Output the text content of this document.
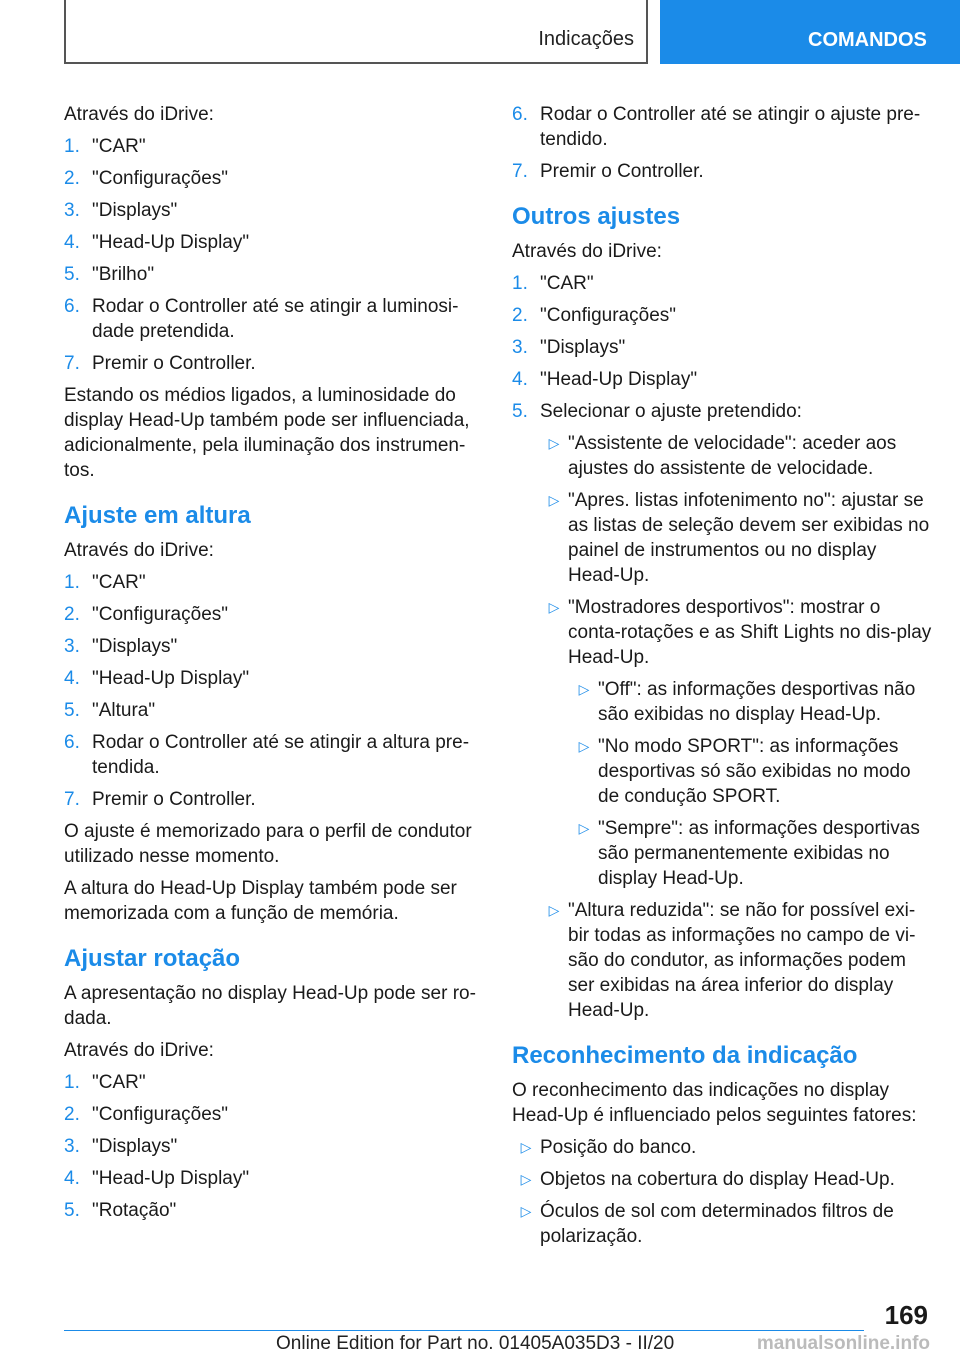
Indicações	COMANDOS

Através do iDrive:

1. "CAR"
2. "Configurações"
3. "Displays"
4. "Head-Up Display"
5. "Brilho"
6. Rodar o Controller até se atingir a luminosi-dade pretendida.
7. Premir o Controller.

Estando os médios ligados, a luminosidade do display Head-Up também pode ser influenciada, adicionalmente, pela iluminação dos instrumen-tos.

Ajuste em altura

Através do iDrive:

1. "CAR"
2. "Configurações"
3. "Displays"
4. "Head-Up Display"
5. "Altura"
6. Rodar o Controller até se atingir a altura pre-tendida.
7. Premir o Controller.

O ajuste é memorizado para o perfil de condutor utilizado nesse momento.

A altura do Head-Up Display também pode ser memorizada com a função de memória.

Ajustar rotação

A apresentação no display Head-Up pode ser ro-dada.

Através do iDrive:

1. "CAR"
2. "Configurações"
3. "Displays"
4. "Head-Up Display"
5. "Rotação"
6. Rodar o Controller até se atingir o ajuste pre-tendido.
7. Premir o Controller.
Outros ajustes

Através do iDrive:

1. "CAR"
2. "Configurações"
3. "Displays"
4. "Head-Up Display"
5. Selecionar o ajuste pretendido:
▷ "Assistente de velocidade": aceder aos ajustes do assistente de velocidade.
▷ "Apres. listas infotenimento no": ajustar se as listas de seleção devem ser exibidas no painel de instrumentos ou no display Head-Up.
▷ "Mostradores desportivos": mostrar o conta-rotações e as Shift Lights no dis-play Head-Up.
▷ "Off": as informações desportivas não são exibidas no display Head-Up.
▷ "No modo SPORT": as informações desportivas só são exibidas no modo de condução SPORT.
▷ "Sempre": as informações desportivas são permanentemente exibidas no display Head-Up.
▷ "Altura reduzida": se não for possível exi-bir todas as informações no campo de vi-são do condutor, as informações podem ser exibidas na área inferior do display Head-Up.
Reconhecimento da indicação

O reconhecimento das indicações no display Head-Up é influenciado pelos seguintes fatores:

▷ Posição do banco.
▷ Objetos na cobertura do display Head-Up.
▷ Óculos de sol com determinados filtros de polarização.
169
Online Edition for Part no. 01405A035D3 - II/20	manualsonline.info
